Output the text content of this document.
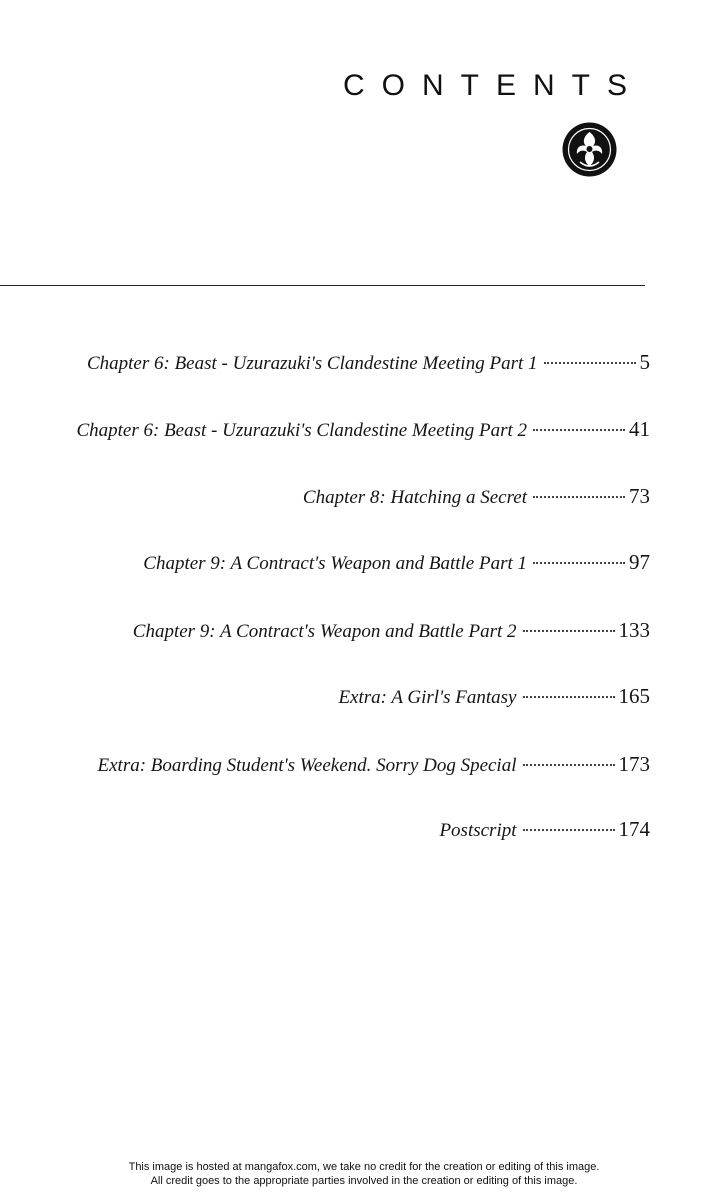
CONTENTS
Chapter 6: Beast - Uzurazuki's Clandestine Meeting Part 1	5
Chapter 6: Beast - Uzurazuki's Clandestine Meeting Part 2	41
Chapter 8: Hatching a Secret	73
Chapter 9: A Contract's Weapon and Battle Part 1	97
Chapter 9: A Contract's Weapon and Battle Part 2	133
Extra: A Girl's Fantasy	165
Extra: Boarding Student's Weekend. Sorry Dog Special	173
Postscript	174
This image is hosted at mangafox.com, we take no credit for the creation or editing of this image.
All credit goes to the appropriate parties involved in the creation or editing of this image.
